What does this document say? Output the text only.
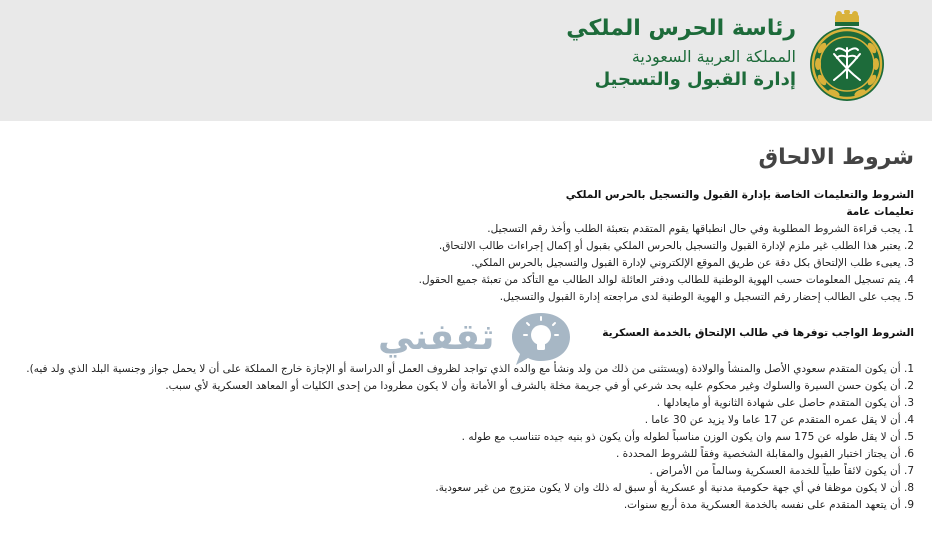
رئاسة الحرس الملكي
المملكة العربية السعودية
إدارة القبول والتسجيل
شروط الالحاق
الشروط والتعليمات الخاصة بإدارة القبول والتسجيل بالحرس الملكي
تعليمات عامة
1. يجب قراءة الشروط المطلوبة وفي حال انطباقها يقوم المتقدم بتعبئة الطلب وأخذ رقم التسجيل.
2. يعتبر هذا الطلب غير ملزم لإدارة القبول والتسجيل بالحرس الملكي بقبول أو إكمال إجراءات طالب الالتحاق.
3. يعبىء طلب الإلتحاق بكل دقة عن طريق الموقع الإلكتروني لإدارة القبول والتسجيل بالحرس الملكي.
4. يتم تسجيل المعلومات حسب الهوية الوطنية للطالب ودفتر العائلة لوالد الطالب مع التأكد من تعبئة جميع الحقول.
5. يجب على الطالب إحضار رقم التسجيل و الهوية الوطنية لدى مراجعته إدارة القبول والتسجيل.
ثقفني	الشروط الواجب توفرها في طالب الإلتحاق بالخدمة العسكرية
1. أن يكون المتقدم سعودي الأصل والمنشأ والولادة (ويستثنى من ذلك من ولد ونشأ مع والده الذي تواجد لظروف العمل أو الدراسة أو الإجازة خارج المملكة على أن لا يحمل جواز وجنسية البلد الذي ولد فيه).
2. أن يكون حسن السيرة والسلوك وغير محكوم عليه بحد شرعي أو في جريمة مخلة بالشرف أو الأمانة وأن لا يكون مطرودا من إحدى الكليات أو المعاهد العسكرية لأي سبب.
3. أن يكون المتقدم حاصل على شهادة الثانوية أو مايعادلها .
4. أن لا يقل عمره المتقدم عن 17 عاما ولا يزيد عن 30 عاما .
5. أن لا يقل طوله عن 175 سم وان يكون الوزن مناسباً لطوله وأن يكون ذو بنيه جيده تتناسب مع طوله .
6. أن يجتاز اختبار القبول والمقابلة الشخصية وفقاً للشروط المحددة .
7. أن يكون لائقاً طبياً للخدمة العسكرية وسالماً من الأمراض .
8. أن لا يكون موظفا في أي جهة حكومية مدنية أو عسكرية أو سبق له ذلك وان لا يكون متزوج من غير سعودية.
9. أن يتعهد المتقدم على نفسه بالخدمة العسكرية مدة أربع سنوات.
